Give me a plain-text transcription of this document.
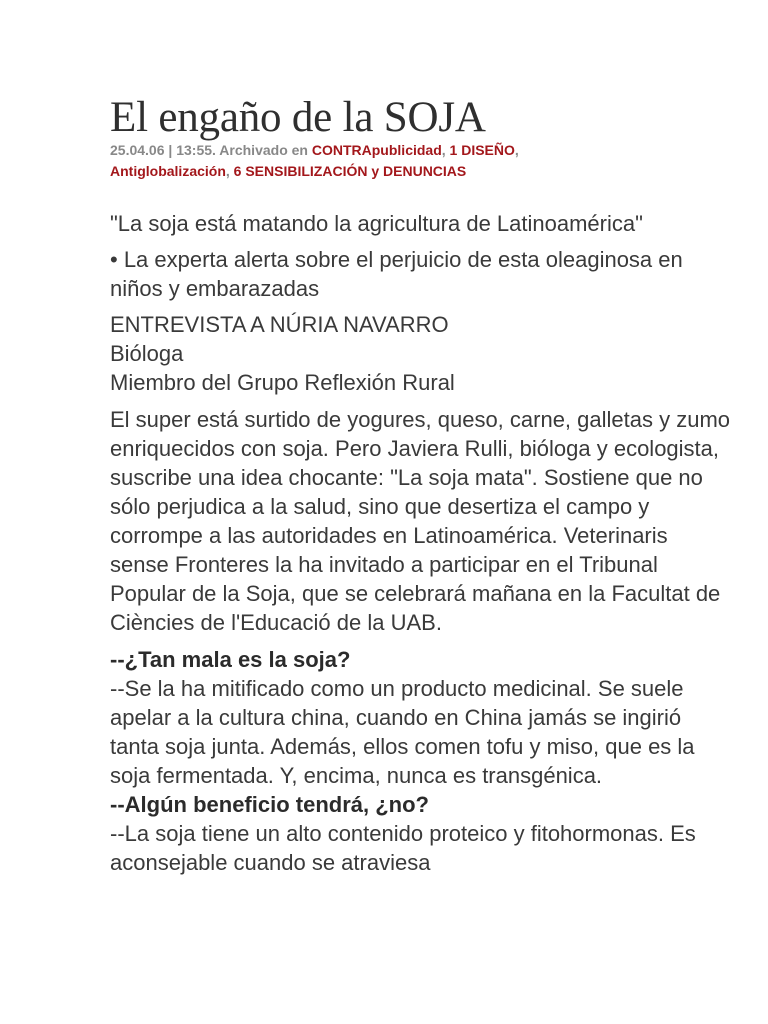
El engaño de la SOJA
25.04.06 | 13:55. Archivado en CONTRApublicidad, 1 DISEÑO, Antiglobalización, 6 SENSIBILIZACIÓN y DENUNCIAS

"La soja está matando la agricultura de Latinoamérica"

• La experta alerta sobre el perjuicio de esta oleaginosa en niños y embarazadas

ENTREVISTA A NÚRIA NAVARRO

Bióloga

Miembro del Grupo Reflexión Rural

El super está surtido de yogures, queso, carne, galletas y zumo enriquecidos con soja. Pero Javiera Rulli, bióloga y ecologista, suscribe una idea chocante: "La soja mata". Sostiene que no sólo perjudica a la salud, sino que desertiza el campo y corrompe a las autoridades en Latinoamérica. Veterinaris sense Fronteres la ha invitado a participar en el Tribunal Popular de la Soja, que se celebrará mañana en la Facultat de Ciències de l'Educació de la UAB.

--¿Tan mala es la soja?

--Se la ha mitificado como un producto medicinal. Se suele apelar a la cultura china, cuando en China jamás se ingirió tanta soja junta. Además, ellos comen tofu y miso, que es la soja fermentada. Y, encima, nunca es transgénica.

--Algún beneficio tendrá, ¿no?

--La soja tiene un alto contenido proteico y fitohormonas. Es aconsejable cuando se atraviesa
